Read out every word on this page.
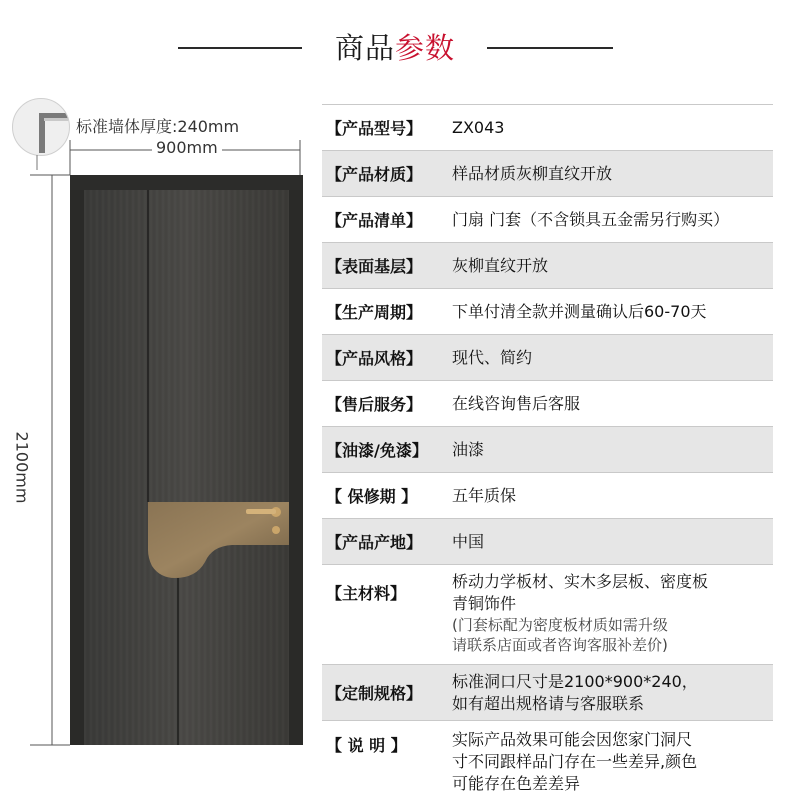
商品参数
标准墙体厚度:240mm
900mm
2100mm
【产品型号】	ZX043
【产品材质】	样品材质灰柳直纹开放
【产品清单】	门扇 门套（不含锁具五金需另行购买）
【表面基层】	灰柳直纹开放
【生产周期】	下单付清全款并测量确认后60-70天
【产品风格】	现代、简约
【售后服务】	在线咨询售后客服
【油漆/免漆】	油漆
【 保修期 】	五年质保
【产品产地】	中国
【主材料】
桥动力学板材、实木多层板、密度板
青铜饰件
(门套标配为密度板材质如需升级
请联系店面或者咨询客服补差价)
【定制规格】
标准洞口尺寸是2100*900*240，
如有超出规格请与客服联系
【 说 明 】	实际产品效果可能会因您家门洞尺
寸不同跟样品门存在一些差异,颜色
可能存在色差差异
